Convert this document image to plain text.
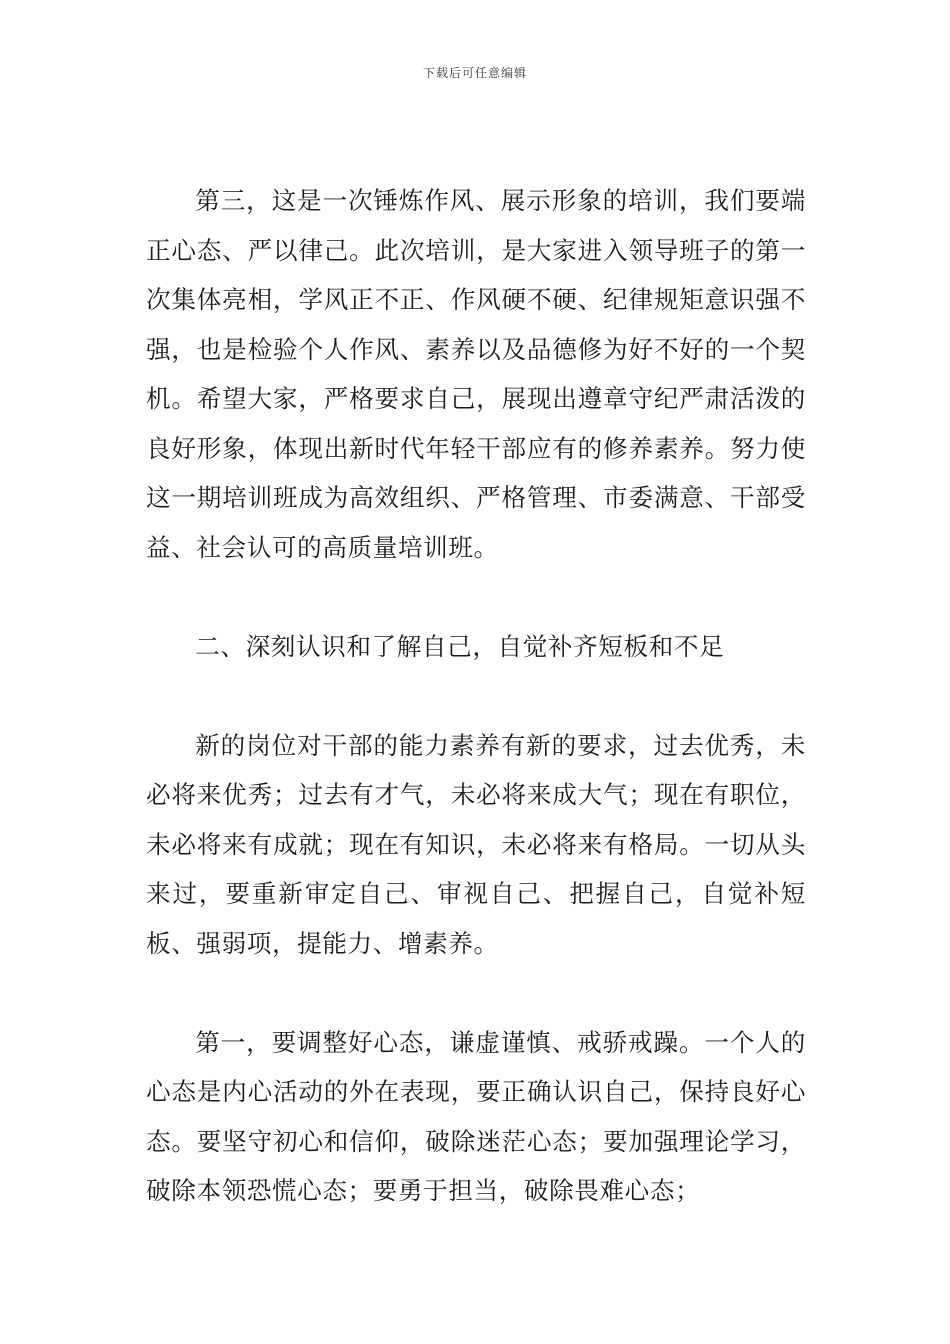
下载后可任意编辑

第三，这是一次锤炼作风、展示形象的培训，我们要端正心态、严以律己。此次培训，是大家进入领导班子的第一次集体亮相，学风正不正、作风硬不硬、纪律规矩意识强不强，也是检验个人作风、素养以及品德修为好不好的一个契机。希望大家，严格要求自己，展现出遵章守纪严肃活泼的良好形象，体现出新时代年轻干部应有的修养素养。努力使这一期培训班成为高效组织、严格管理、市委满意、干部受益、社会认可的高质量培训班。

二、深刻认识和了解自己，自觉补齐短板和不足

新的岗位对干部的能力素养有新的要求，过去优秀，未必将来优秀；过去有才气，未必将来成大气；现在有职位，未必将来有成就；现在有知识，未必将来有格局。一切从头来过，要重新审定自己、审视自己、把握自己，自觉补短板、强弱项，提能力、增素养。

第一，要调整好心态，谦虚谨慎、戒骄戒躁。一个人的心态是内心活动的外在表现，要正确认识自己，保持良好心态。要坚守初心和信仰，破除迷茫心态；要加强理论学习，破除本领恐慌心态；要勇于担当，破除畏难心态；
